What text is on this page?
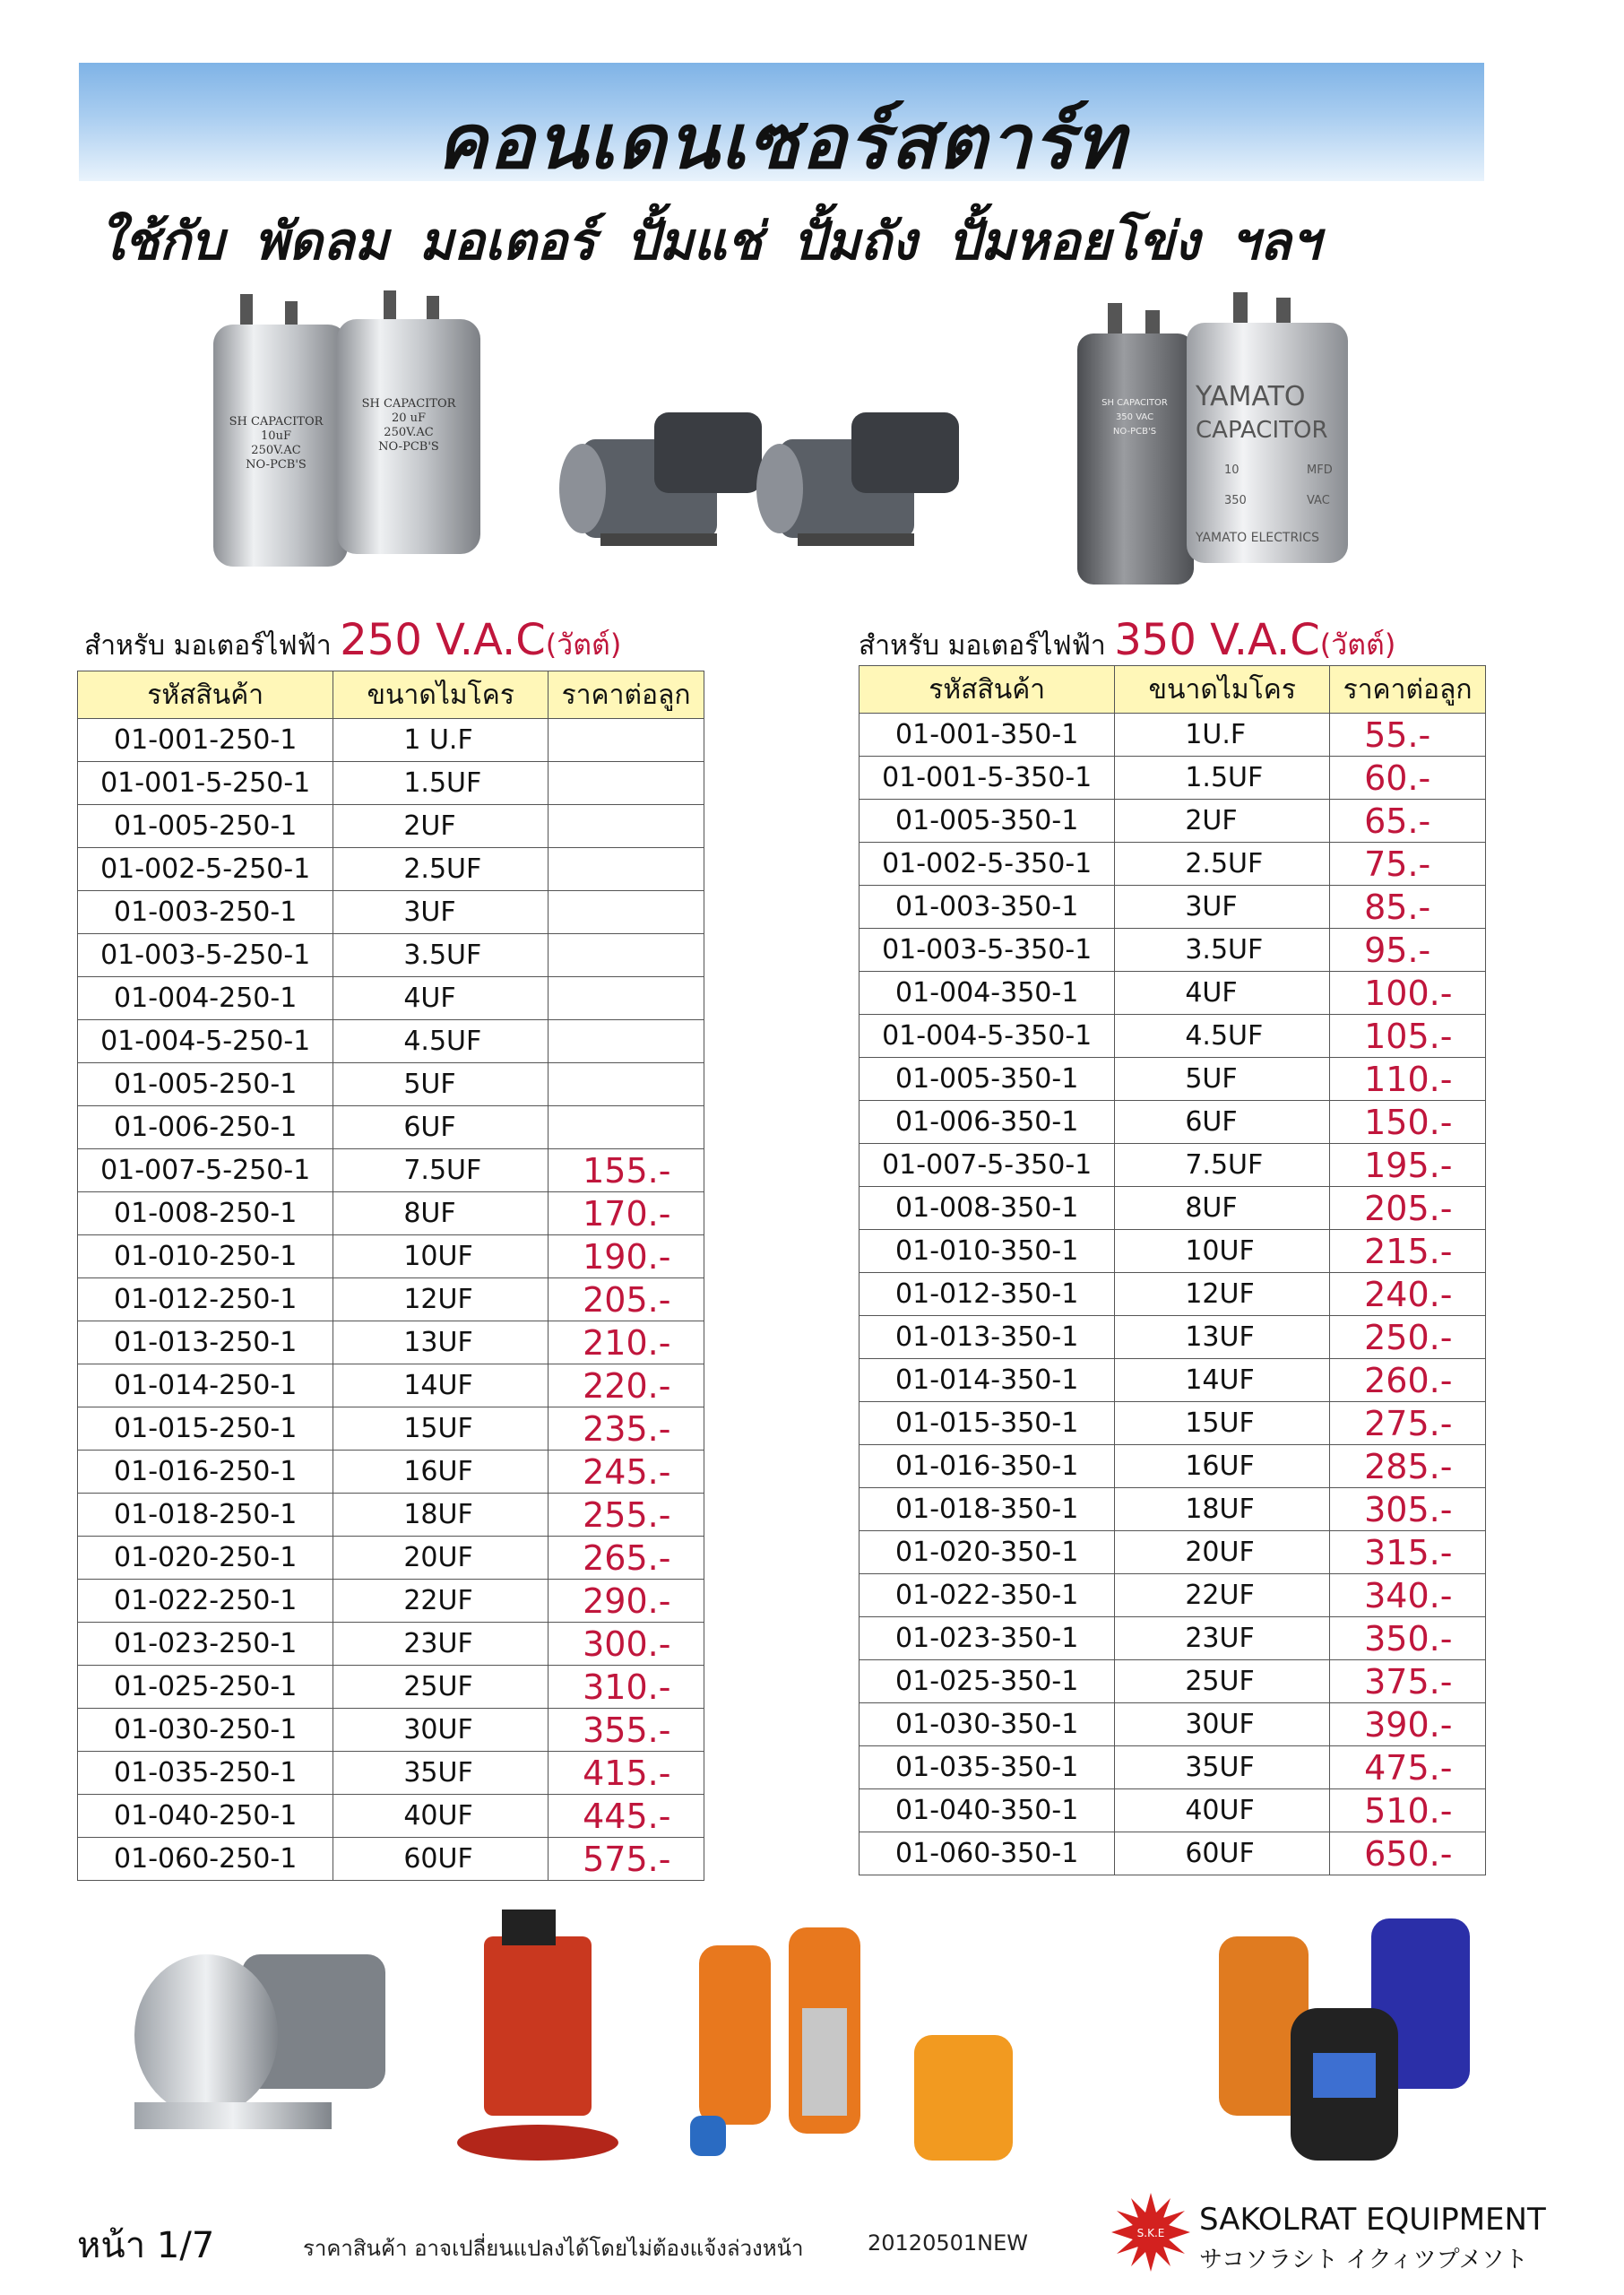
คอนเดนเซอร์สตาร์ท
ใช้กับ พัดลม มอเตอร์ ปั้มแช่ ปั้มถัง ปั้มหอยโข่ง ฯลฯ
SH CAPACITOR
10uF
250V.AC
NO-PCB'S
SH CAPACITOR
20 uF
250V.AC
NO-PCB'S
SH CAPACITOR
350 VAC
NO-PCB'S
YAMATO
CAPACITOR
10
350
MFD
VAC
YAMATO ELECTRICS
สำหรับ มอเตอร์ไฟฟ้า 250 V.A.C(วัตต์)	สำหรับ มอเตอร์ไฟฟ้า 350 V.A.C(วัตต์)
รหัสสินค้า	ขนาดไมโคร	ราคาต่อลูก
01-001-250-1	1 U.F	
01-001-5-250-1	1.5UF	
01-005-250-1	2UF	
01-002-5-250-1	2.5UF	
01-003-250-1	3UF	
01-003-5-250-1	3.5UF	
01-004-250-1	4UF	
01-004-5-250-1	4.5UF	
01-005-250-1	5UF	
01-006-250-1	6UF	
01-007-5-250-1	7.5UF	155.-
01-008-250-1	8UF	170.-
01-010-250-1	10UF	190.-
01-012-250-1	12UF	205.-
01-013-250-1	13UF	210.-
01-014-250-1	14UF	220.-
01-015-250-1	15UF	235.-
01-016-250-1	16UF	245.-
01-018-250-1	18UF	255.-
01-020-250-1	20UF	265.-
01-022-250-1	22UF	290.-
01-023-250-1	23UF	300.-
01-025-250-1	25UF	310.-
01-030-250-1	30UF	355.-
01-035-250-1	35UF	415.-
01-040-250-1	40UF	445.-
01-060-250-1	60UF	575.-
รหัสสินค้า	ขนาดไมโคร	ราคาต่อลูก
01-001-350-1	1U.F	55.-
01-001-5-350-1	1.5UF	60.-
01-005-350-1	2UF	65.-
01-002-5-350-1	2.5UF	75.-
01-003-350-1	3UF	85.-
01-003-5-350-1	3.5UF	95.-
01-004-350-1	4UF	100.-
01-004-5-350-1	4.5UF	105.-
01-005-350-1	5UF	110.-
01-006-350-1	6UF	150.-
01-007-5-350-1	7.5UF	195.-
01-008-350-1	8UF	205.-
01-010-350-1	10UF	215.-
01-012-350-1	12UF	240.-
01-013-350-1	13UF	250.-
01-014-350-1	14UF	260.-
01-015-350-1	15UF	275.-
01-016-350-1	16UF	285.-
01-018-350-1	18UF	305.-
01-020-350-1	20UF	315.-
01-022-350-1	22UF	340.-
01-023-350-1	23UF	350.-
01-025-350-1	25UF	375.-
01-030-350-1	30UF	390.-
01-035-350-1	35UF	475.-
01-040-350-1	40UF	510.-
01-060-350-1	60UF	650.-
หน้า 1/7	ราคาสินค้า อาจเปลี่ยนแปลงได้โดยไม่ต้องแจ้งล่วงหน้า	20120501NEW	S.K.E SAKOLRAT EQUIPMENT
サコソラシト イクィツプメソト
